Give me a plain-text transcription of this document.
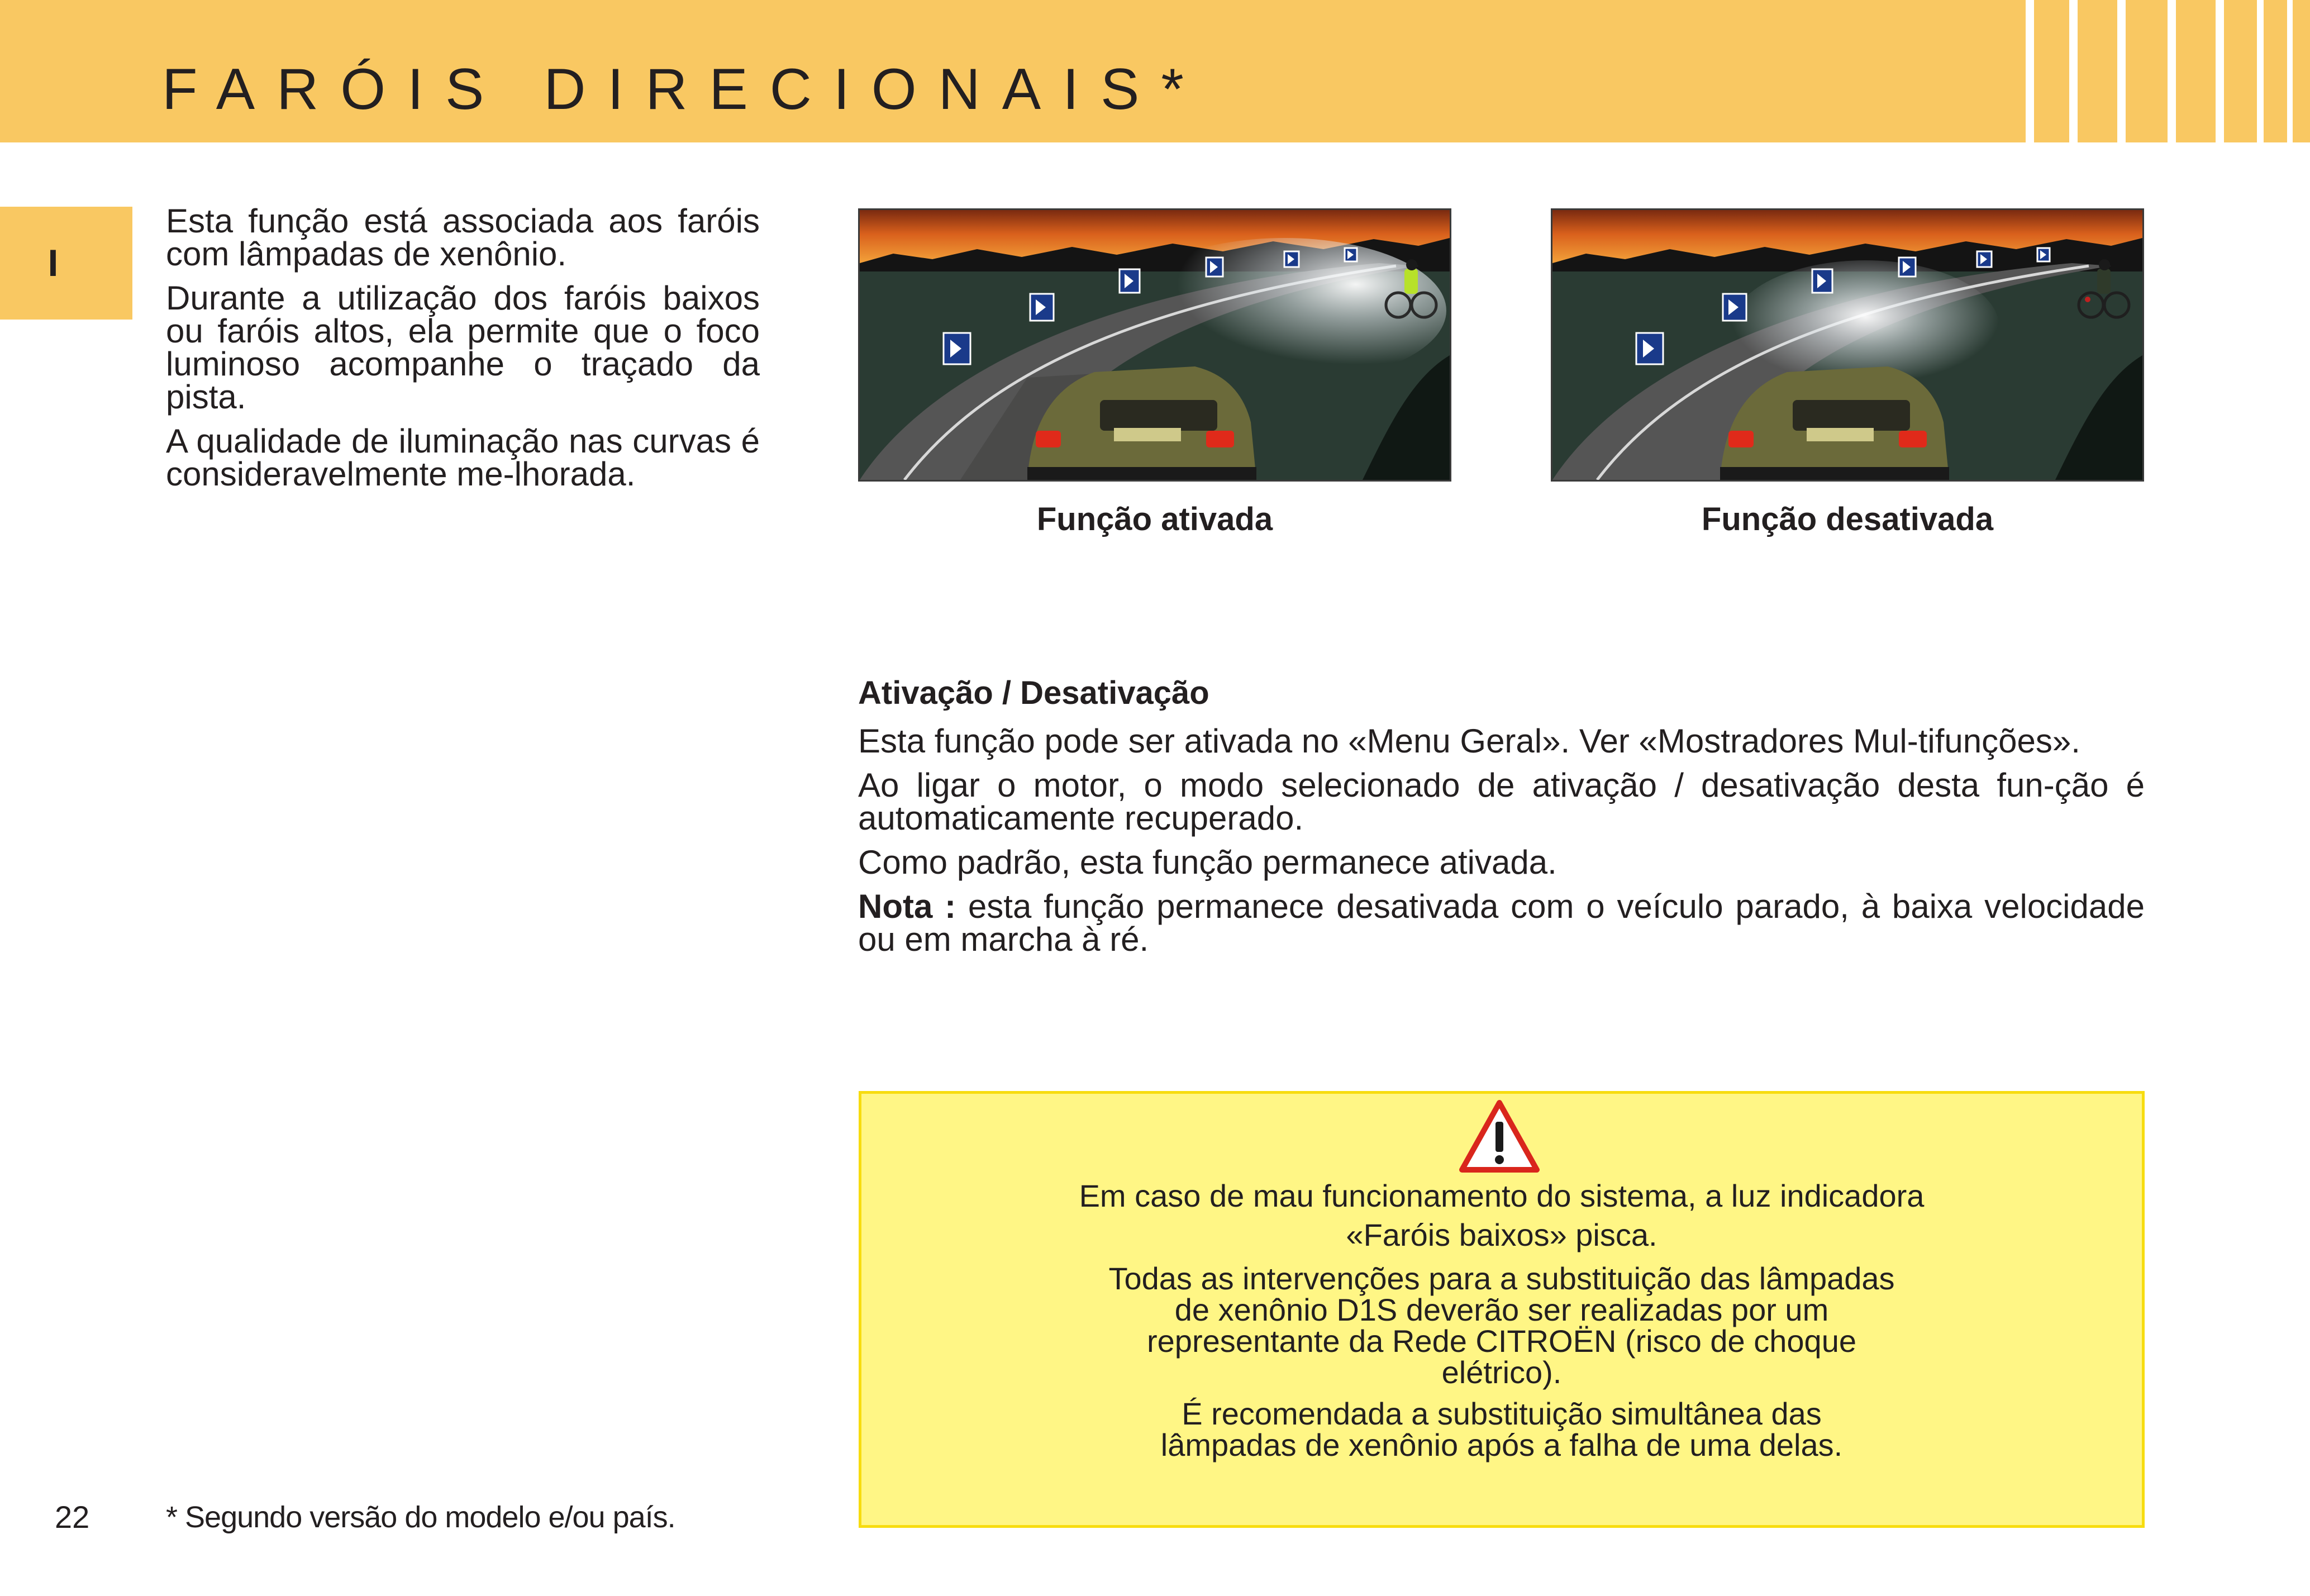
FARÓIS DIRECIONAIS*
I

Esta função está associada aos faróis com lâmpadas de xenônio.

Durante a utilização dos faróis baixos ou faróis altos, ela permite que o foco luminoso acompanhe o traçado da pista.

A qualidade de iluminação nas curvas é consideravelmente me-lhorada.

Função ativada	Função desativada
Ativação / Desativação

Esta função pode ser ativada no «Menu Geral». Ver «Mostradores Mul-tifunções».

Ao ligar o motor, o modo selecionado de ativação / desativação desta fun-ção é automaticamente recuperado.

Como padrão, esta função permanece ativada.

Nota : esta função permanece desativada com o veículo parado, à baixa velocidade ou em marcha à ré.

Em caso de mau funcionamento do sistema, a luz indicadora

«Faróis baixos» pisca.

Todas as intervenções para a substituição das lâmpadas de xenônio D1S deverão ser realizadas por um representante da Rede CITROËN (risco de choque elétrico).

É recomendada a substituição simultânea das lâmpadas de xenônio após a falha de uma delas.

22	* Segundo versão do modelo e/ou país.
